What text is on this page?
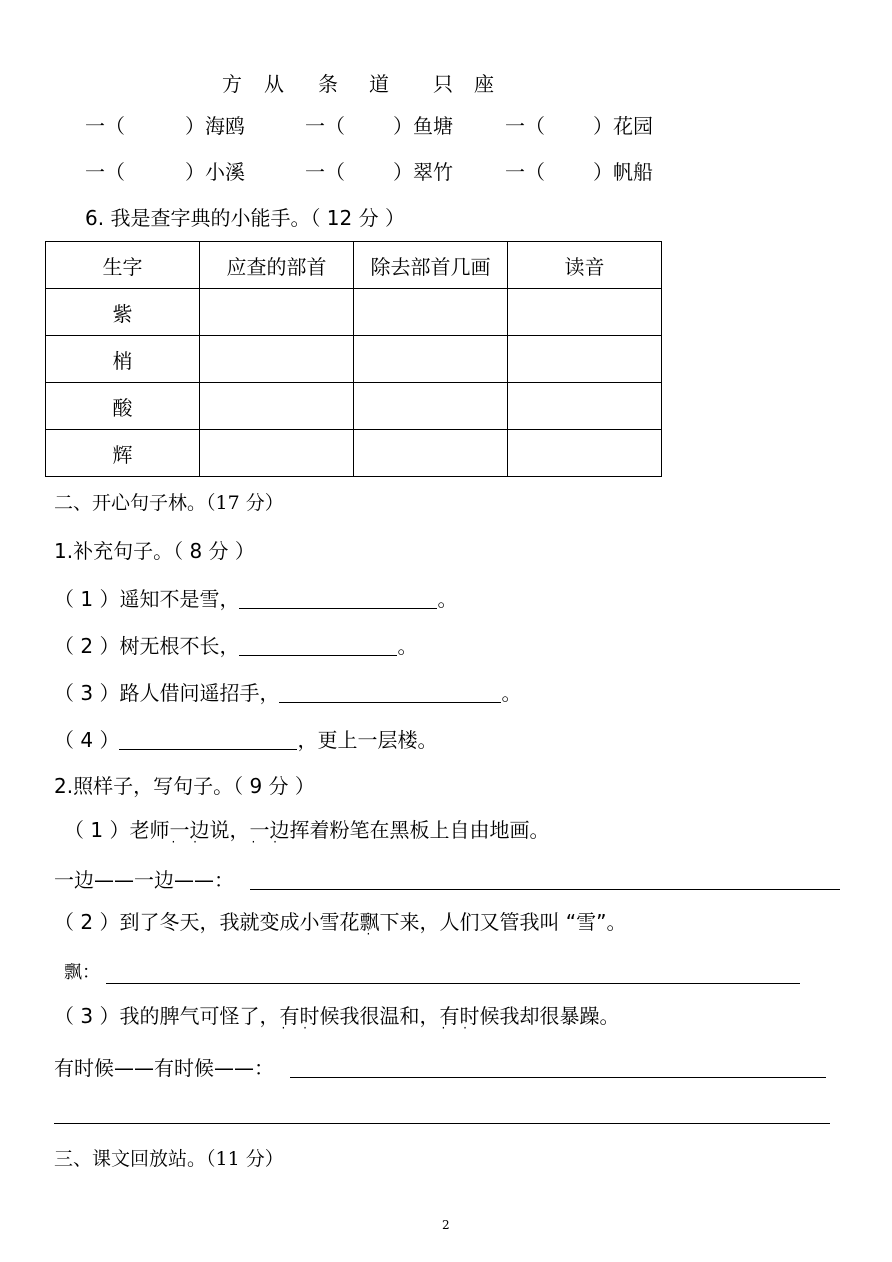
方 从 条 道 只 座
一（	）海鸥	一（ ）鱼塘	一（ ）花园
一（	）小溪	一（ ）翠竹	一（ ）帆船
6. 我是查字典的小能手。（ 12 分 ）
生字	应查的部首	除去部首几画	读音
紫			
梢			
酸			
辉			
二、开心句子林。（17 分）
1.补充句子。（ 8 分 ）
（ 1 ）遥知不是雪，	。
（ 2 ）树无根不长，	。
（ 3 ）路人借问遥招手，	。
（ 4 ）	，更上一层楼。
2.照样子，写句子。（ 9 分 ）
（ 1 ）老师一边 · ·说，一边 · ·挥着粉笔在黑板上自由地画。
一边——一边——：
（ 2 ）到了冬天，我就变成小雪花飘下来，人们又管我叫 “雪”。
飘：
（ 3 ）我的脾气可怪了，有时候 · ·我很温和，有时候 · ·我却很暴躁。
有时候——有时候——：
三、课文回放站。（11 分）
2
